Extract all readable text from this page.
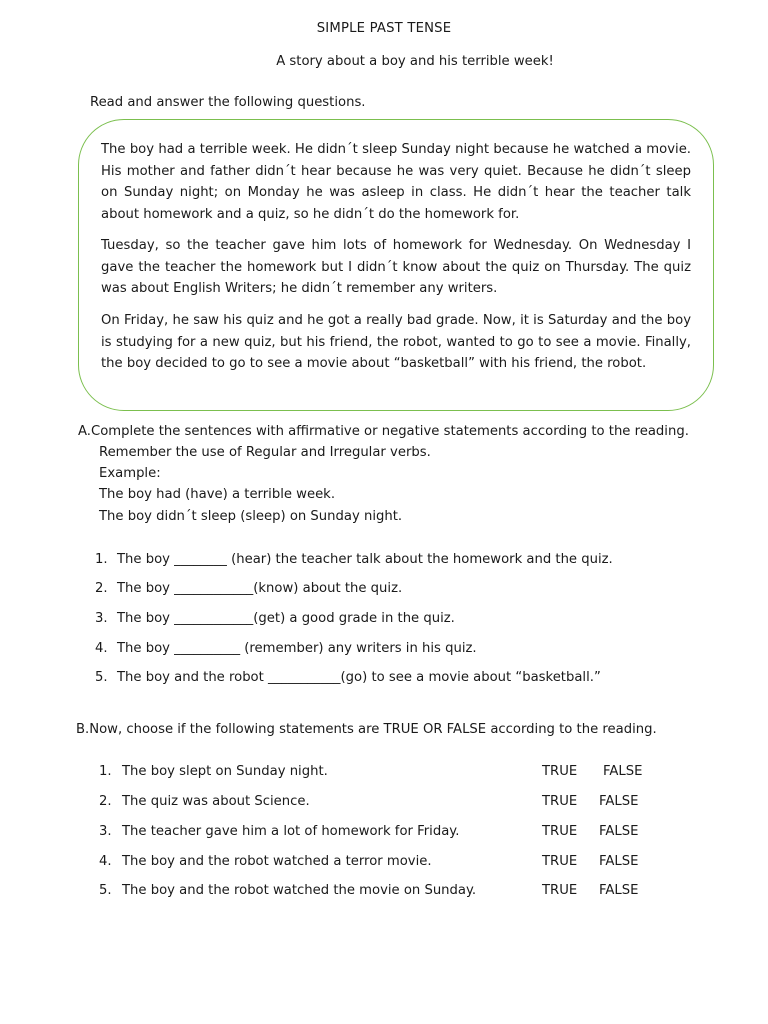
SIMPLE PAST TENSE
A story about a boy and his terrible week!
Read and answer the following questions.

The boy had a terrible week. He didn´t sleep Sunday night because he watched a movie. His mother and father didn´t hear because he was very quiet. Because he didn´t sleep on Sunday night; on Monday he was asleep in class. He didn´t hear the teacher talk about homework and a quiz, so he didn´t do the homework for.

Tuesday, so the teacher gave him lots of homework for Wednesday. On Wednesday I gave the teacher the homework but I didn´t know about the quiz on Thursday. The quiz was about English Writers; he didn´t remember any writers.

On Friday, he saw his quiz and he got a really bad grade. Now, it is Saturday and the boy is studying for a new quiz, but his friend, the robot, wanted to go to see a movie. Finally, the boy decided to go to see a movie about “basketball” with his friend, the robot.

A.Complete the sentences with affirmative or negative statements according to the reading.
Remember the use of Regular and Irregular verbs.
Example:
The boy had (have) a terrible week.
The boy didn´t sleep (sleep) on Sunday night.
1. The boy ________ (hear) the teacher talk about the homework and the quiz.
2. The boy ____________(know) about the quiz.
3. The boy ____________(get) a good grade in the quiz.
4. The boy __________ (remember) any writers in his quiz.
5. The boy and the robot ___________(go) to see a movie about “basketball.”
B.Now, choose if the following statements are TRUE OR FALSE according to the reading.
1. The boy slept on Sunday night.	TRUE FALSE
2. The quiz was about Science.	TRUE FALSE
3. The teacher gave him a lot of homework for Friday.	TRUE FALSE
4. The boy and the robot watched a terror movie.	TRUE FALSE
5. The boy and the robot watched the movie on Sunday.	TRUE FALSE
